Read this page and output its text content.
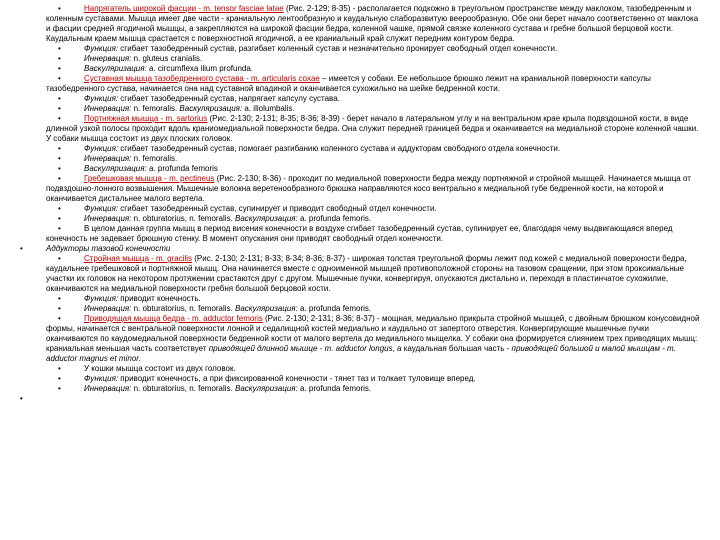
• Напрягатель широкой фасции - m. tensor fasciae latae (Рис. 2-129; 8-35) - располагается подкожно в треугольном пространстве между маклоком, тазобедренным и коленным суставами. Мышца имеет две части - краниальную лентообразную и каудальную слаборазвитую веерообразную. Обе они берет начало соответственно от маклока и фасции средней ягодичной мышцы, а закрепляются на широкой фасции бедра, коленной чашке, прямой связке коленного сустава и гребне большой берцовой кости. Каудальным краем мышца срастается с поверхностной ягодичной, а ее краниальный край служит передним контуром бедра.

• Функция: сгибает тазобедренный сустав, разгибает коленный сустав и незначительно пронирует свободный отдел конечности.

• Иннервация: n. gluteus cranialis.

• Васкуляризация: a. circumflexa ilium profunda.

• Суставная мышца тазобедренного сустава - m. articularis coxae – имеется у собаки. Ее небольшое брюшко лежит на краниальной поверхности капсулы тазобедренного сустава, начинается она над суставной впадиной и оканчивается сухожильно на шейке бедренной кости.

• Функция: сгибает тазобедренный сустав, напрягает капсулу сустава.

• Иннервация: n. femoralis. Васкуляризация: a. iliolumbalis.

• Портняжная мышца - m. sartorius (Рис. 2-130; 2-131; 8-35; 8-36; 8-39) - берет начало в латеральном углу и на вентральном крае крыла подвздошной кости, в виде длинной узкой полосы проходит вдоль краниомедиальной поверхности бедра. Она служит передней границей бедра и оканчивается на медиальной стороне коленной чашки. У собаки мышца состоит из двух плоских головок.

• Функция: сгибает тазобедренный сустав, помогает разгибанию коленного сустава и аддукторам свободного отдела конечности.

• Иннервация: n. femoralis.

• Васкуляризация: a. profunda femoris

• Гребешковая мышца - m. pectineus (Рис. 2-130; 8-36) - проходит по медиальной поверхности бедра между портняжной и стройной мышцей. Начинается мышца от подвздошно-лонного возвышения. Мышечные волокна веретенообразного брюшка направляются косо вентрально к медиальной губе бедренной кости, на которой и оканчивается дистальнее малого вертела.

• Функция: сгибает тазобедренный сустав, супинирует и приводит свободный отдел конечности.

• Иннервация: n. obturatorius, n. femoralis. Васкуляризация: a. profunda femoris.

• В целом данная группа мышц в период висения конечности в воздухе сгибает тазобедренный сустав, супинирует ее, благодаря чему выдвигающаяся вперед конечность не задевает брюшную стенку. В момент опускания они приводят свободный отдел конечности.

• Аддукторы тазовой конечности

• Стройная мышца - m. gracilis (Рис. 2-130; 2-131; 8-33; 8-34; 8-36; 8-37) - широкая толстая треугольной формы лежит под кожей с медиальной поверхности бедра, каудальнее гребешковой и портняжной мышц. Она начинается вместе с одноименной мышцей противоположной стороны на тазовом сращении, при этом проксимальные участки их головок на некотором протяжении срастаются друг с другом. Мышечные пучки, конвергируя, опускаются дистально и, переходя в пластинчатое сухожилие, оканчиваются на медиальной поверхности гребня большой берцовой кости.

• Функция: приводит конечность.

• Иннервация: n. obturatorius, n. femoralis. Васкуляризация: a. profunda femoris.

• Приводящая мышца бедра - m. adductor femoris (Рис. 2-130; 2-131; 8-36; 8-37) - мощная, медиально прикрыта стройной мышцей, с двойным брюшком конусовидной формы, начинается с вентральной поверхности лонной и седалищной костей медиально и каудально от запертого отверстия. Конвергирующие мышечные пучки оканчиваются по каудомедиальной поверхности бедренной кости от малого вертела до медиального мыщелка. У собаки она формируется слиянием трех приводящих мышц: краниальная меньшая часть соответствует приводящей длинной мышце - m. adductor longus, а каудальная большая часть - приводящей большой и малой мышцам - m. adductor magnus et minor.

• У кошки мышца состоит из двух головок.

• Функция: приводит конечность, а при фиксированной конечности - тянет таз и толкает туловище вперед.

• Иннервация: n. obturatorius, n. femoralis. Васкуляризация: a. profunda femoris.

•
